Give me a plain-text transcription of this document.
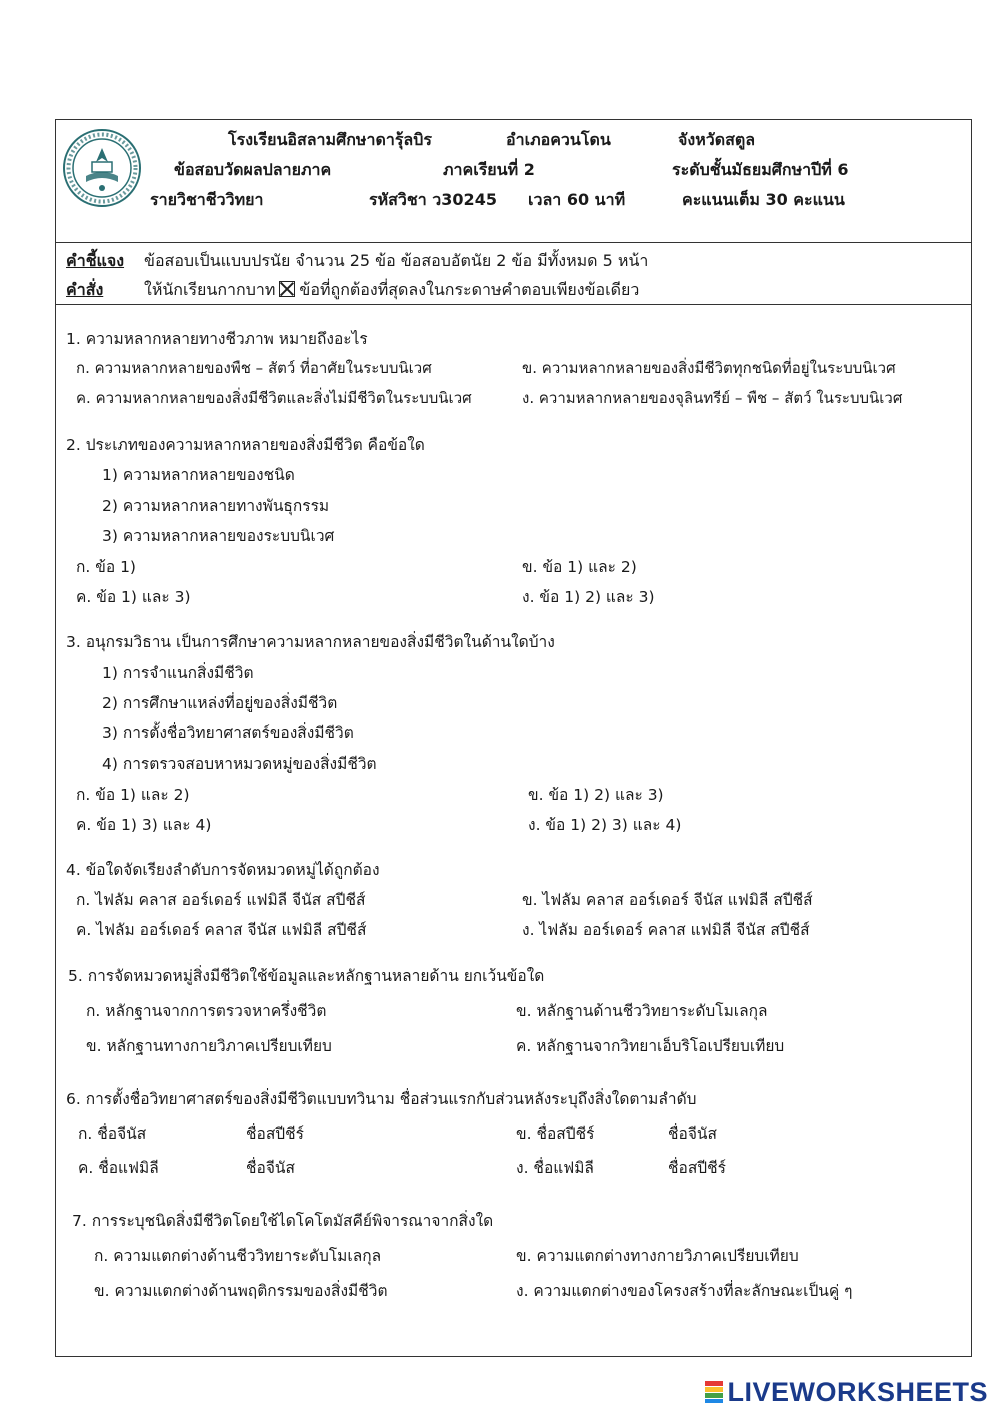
โรงเรียนอิสลามศึกษาดารุ้ลบิร	อำเภอควนโดน	จังหวัดสตูล
ข้อสอบวัดผลปลายภาค	ภาคเรียนที่ 2	ระดับชั้นมัธยมศึกษาปีที่ 6
รายวิชาชีววิทยา	รหัสวิชา ว30245 เวลา 60 นาที	คะแนนเต็ม 30 คะแนน
คำชี้แจง ข้อสอบเป็นแบบปรนัย จำนวน 25 ข้อ ข้อสอบอัตนัย 2 ข้อ มีทั้งหมด 5 หน้า
คำสั่ง	ให้นักเรียนกากบาท ข้อที่ถูกต้องที่สุดลงในกระดาษคำตอบเพียงข้อเดียว
1. ความหลากหลายทางชีวภาพ หมายถึงอะไร
ก. ความหลากหลายของพืช – สัตว์ ที่อาศัยในระบบนิเวศ	ข. ความหลากหลายของสิ่งมีชีวิตทุกชนิดที่อยู่ในระบบนิเวศ
ค. ความหลากหลายของสิ่งมีชีวิตและสิ่งไม่มีชีวิตในระบบนิเวศ	ง. ความหลากหลายของจุลินทรีย์ – พืช – สัตว์ ในระบบนิเวศ
2. ประเภทของความหลากหลายของสิ่งมีชีวิต คือข้อใด
1) ความหลากหลายของชนิด
2) ความหลากหลายทางพันธุกรรม
3) ความหลากหลายของระบบนิเวศ
ก. ข้อ 1)	ข. ข้อ 1) และ 2)
ค. ข้อ 1) และ 3)	ง. ข้อ 1) 2) และ 3)
3. อนุกรมวิธาน เป็นการศึกษาความหลากหลายของสิ่งมีชีวิตในด้านใดบ้าง
1) การจำแนกสิ่งมีชีวิต
2) การศึกษาแหล่งที่อยู่ของสิ่งมีชีวิต
3) การตั้งชื่อวิทยาศาสตร์ของสิ่งมีชีวิต
4) การตรวจสอบหาหมวดหมู่ของสิ่งมีชีวิต
ก. ข้อ 1) และ 2)	ข. ข้อ 1) 2) และ 3)
ค. ข้อ 1) 3) และ 4)	ง. ข้อ 1) 2) 3) และ 4)
4. ข้อใดจัดเรียงลำดับการจัดหมวดหมู่ได้ถูกต้อง
ก. ไฟลัม คลาส ออร์เดอร์ แฟมิลี จีนัส สปีชีส์	ข. ไฟลัม คลาส ออร์เดอร์ จีนัส แฟมิลี สปีชีส์
ค. ไฟลัม ออร์เดอร์ คลาส จีนัส แฟมิลี สปีชีส์	ง. ไฟลัม ออร์เดอร์ คลาส แฟมิลี จีนัส สปีชีส์
5. การจัดหมวดหมู่สิ่งมีชีวิตใช้ข้อมูลและหลักฐานหลายด้าน ยกเว้นข้อใด
ก. หลักฐานจากการตรวจหาครึ่งชีวิต	ข. หลักฐานด้านชีววิทยาระดับโมเลกุล
ข. หลักฐานทางกายวิภาคเปรียบเทียบ	ค. หลักฐานจากวิทยาเอ็บริโอเปรียบเทียบ
6. การตั้งชื่อวิทยาศาสตร์ของสิ่งมีชีวิตแบบทวินาม ชื่อส่วนแรกกับส่วนหลังระบุถึงสิ่งใดตามลำดับ
ก. ชื่อจีนัส	ชื่อสปีชีร์	ข. ชื่อสปีชีร์	ชื่อจีนัส
ค. ชื่อแฟมิลี	ชื่อจีนัส	ง. ชื่อแฟมิลี	ชื่อสปีชีร์
7. การระบุชนิดสิ่งมีชีวิตโดยใช้ไดโคโตมัสคีย์พิจารณาจากสิ่งใด
ก. ความแตกต่างด้านชีววิทยาระดับโมเลกุล	ข. ความแตกต่างทางกายวิภาคเปรียบเทียบ
ข. ความแตกต่างด้านพฤติกรรมของสิ่งมีชีวิต	ง. ความแตกต่างของโครงสร้างที่ละลักษณะเป็นคู่ ๆ
LIVEWORKSHEETS
